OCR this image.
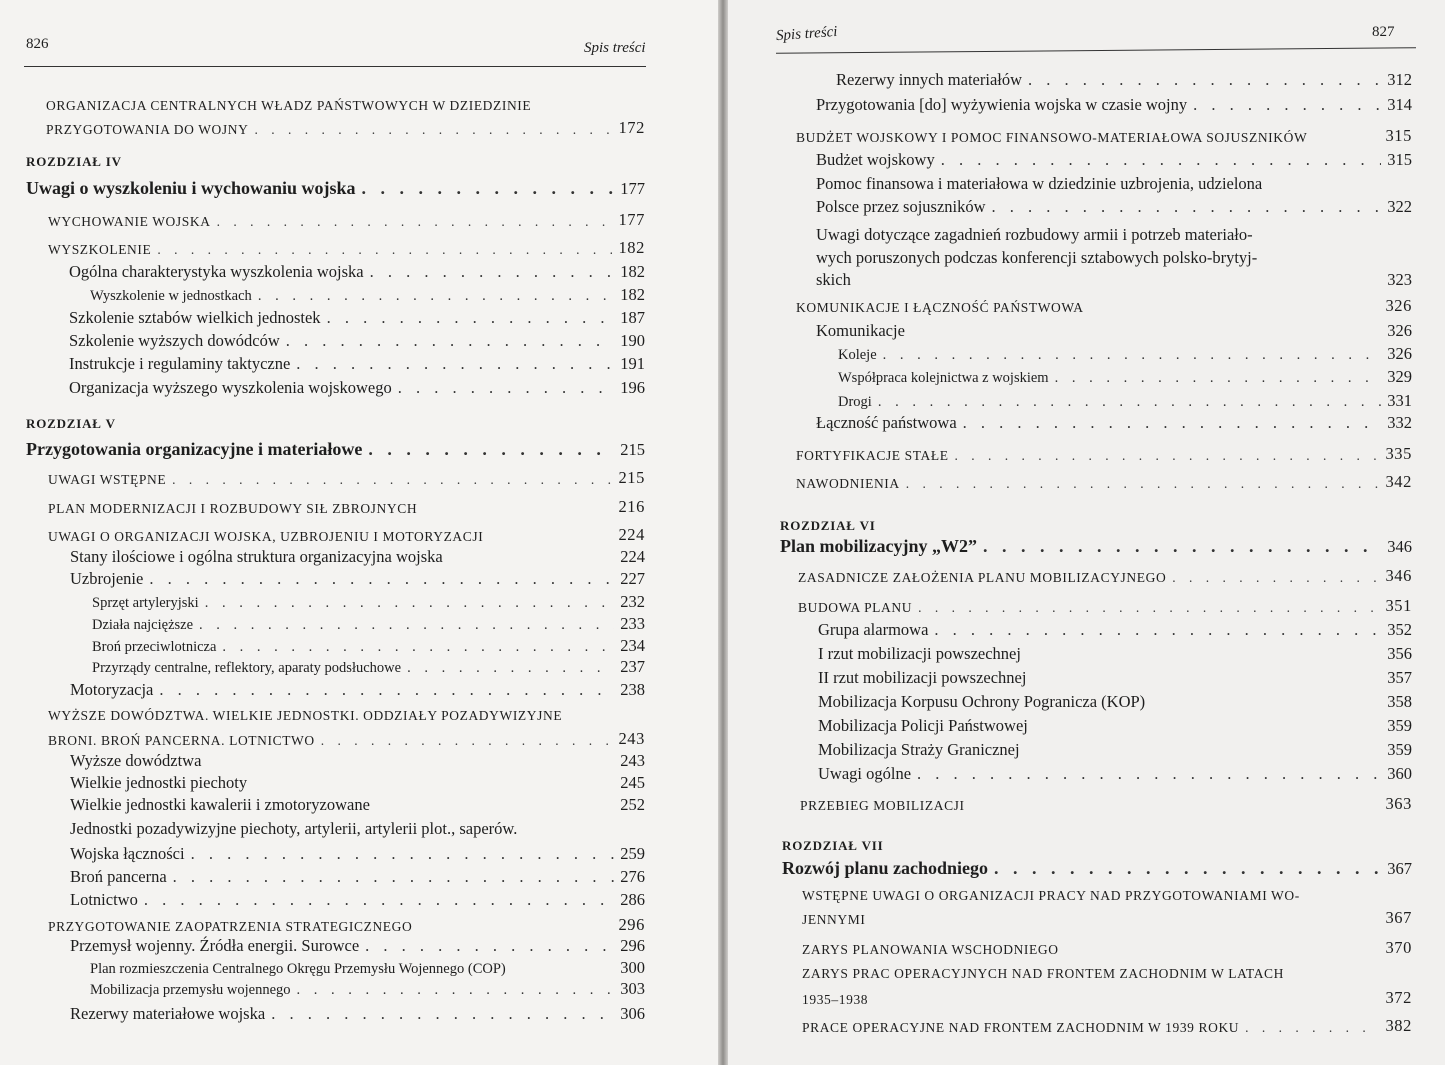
826	Spis treści
ORGANIZACJA CENTRALNYCH WŁADZ PAŃSTWOWYCH W DZIEDZINIE
PRZYGOTOWANIA DO WOJNY . . .	172
ROZDZIAŁ IV
Uwagi o wyszkoleniu i wychowaniu wojska . . .	177
WYCHOWANIE WOJSKA . . .	177
WYSZKOLENIE . . .	182
Ogólna charakterystyka wyszkolenia wojska . . .	182
Wyszkolenie w jednostkach . . .	182
Szkolenie sztabów wielkich jednostek . . .	187
Szkolenie wyższych dowódców . . .	190
Instrukcje i regulaminy taktyczne . . .	191
Organizacja wyższego wyszkolenia wojskowego . . .	196
ROZDZIAŁ V
Przygotowania organizacyjne i materiałowe . . .	215
UWAGI WSTĘPNE . . .	215
PLAN MODERNIZACJI I ROZBUDOWY SIŁ ZBROJNYCH	216
UWAGI O ORGANIZACJI WOJSKA, UZBROJENIU I MOTORYZACJI	224
Stany ilościowe i ogólna struktura organizacyjna wojska	224
Uzbrojenie . . .	227
Sprzęt artyleryjski . . .	232
Działa najcięższe . . .	233
Broń przeciwlotnicza . . .	234
Przyrządy centralne, reflektory, aparaty podsłuchowe . . .	237
Motoryzacja . . .	238
WYŻSZE DOWÓDZTWA. WIELKIE JEDNOSTKI. ODDZIAŁY POZADYWIZYJNE
BRONI. BROŃ PANCERNA. LOTNICTWO . . .	243
Wyższe dowództwa	243
Wielkie jednostki piechoty	245
Wielkie jednostki kawalerii i zmotoryzowane	252
Jednostki pozadywizyjne piechoty, artylerii, artylerii plot., saperów.
Wojska łączności . . .	259
Broń pancerna . . .	276
Lotnictwo . . .	286
PRZYGOTOWANIE ZAOPATRZENIA STRATEGICZNEGO	296
Przemysł wojenny. Źródła energii. Surowce . . .	296
Plan rozmieszczenia Centralnego Okręgu Przemysłu Wojennego (COP)	300
Mobilizacja przemysłu wojennego . . .	303
Rezerwy materiałowe wojska . . .	306
Spis treści	827
Rezerwy innych materiałów . . .	312
Przygotowania [do] wyżywienia wojska w czasie wojny . . .	314
BUDŻET WOJSKOWY I POMOC FINANSOWO-MATERIAŁOWA SOJUSZNIKÓW	315
Budżet wojskowy . . .	315
Pomoc finansowa i materiałowa w dziedzinie uzbrojenia, udzielona
Polsce przez sojuszników . . .	322
Uwagi dotyczące zagadnień rozbudowy armii i potrzeb materiało-
wych poruszonych podczas konferencji sztabowych polsko-brytyj-
skich	323
KOMUNIKACJE I ŁĄCZNOŚĆ PAŃSTWOWA	326
Komunikacje	326
Koleje . . .	326
Współpraca kolejnictwa z wojskiem . . .	329
Drogi . . .	331
Łączność państwowa . . .	332
FORTYFIKACJE STAŁE . . .	335
NAWODNIENIA . . .	342
ROZDZIAŁ VI
Plan mobilizacyjny „W2” . . .	346
ZASADNICZE ZAŁOŻENIA PLANU MOBILIZACYJNEGO . . .	346
BUDOWA PLANU . . .	351
Grupa alarmowa . . .	352
I rzut mobilizacji powszechnej	356
II rzut mobilizacji powszechnej	357
Mobilizacja Korpusu Ochrony Pogranicza (KOP)	358
Mobilizacja Policji Państwowej	359
Mobilizacja Straży Granicznej	359
Uwagi ogólne . . .	360
PRZEBIEG MOBILIZACJI	363
ROZDZIAŁ VII
Rozwój planu zachodniego . . .	367
WSTĘPNE UWAGI O ORGANIZACJI PRACY NAD PRZYGOTOWANIAMI WO-
JENNYMI	367
ZARYS PLANOWANIA WSCHODNIEGO	370
ZARYS PRAC OPERACYJNYCH NAD FRONTEM ZACHODNIM W LATACH
1935–1938	372
PRACE OPERACYJNE NAD FRONTEM ZACHODNIM W 1939 ROKU . . .	382
